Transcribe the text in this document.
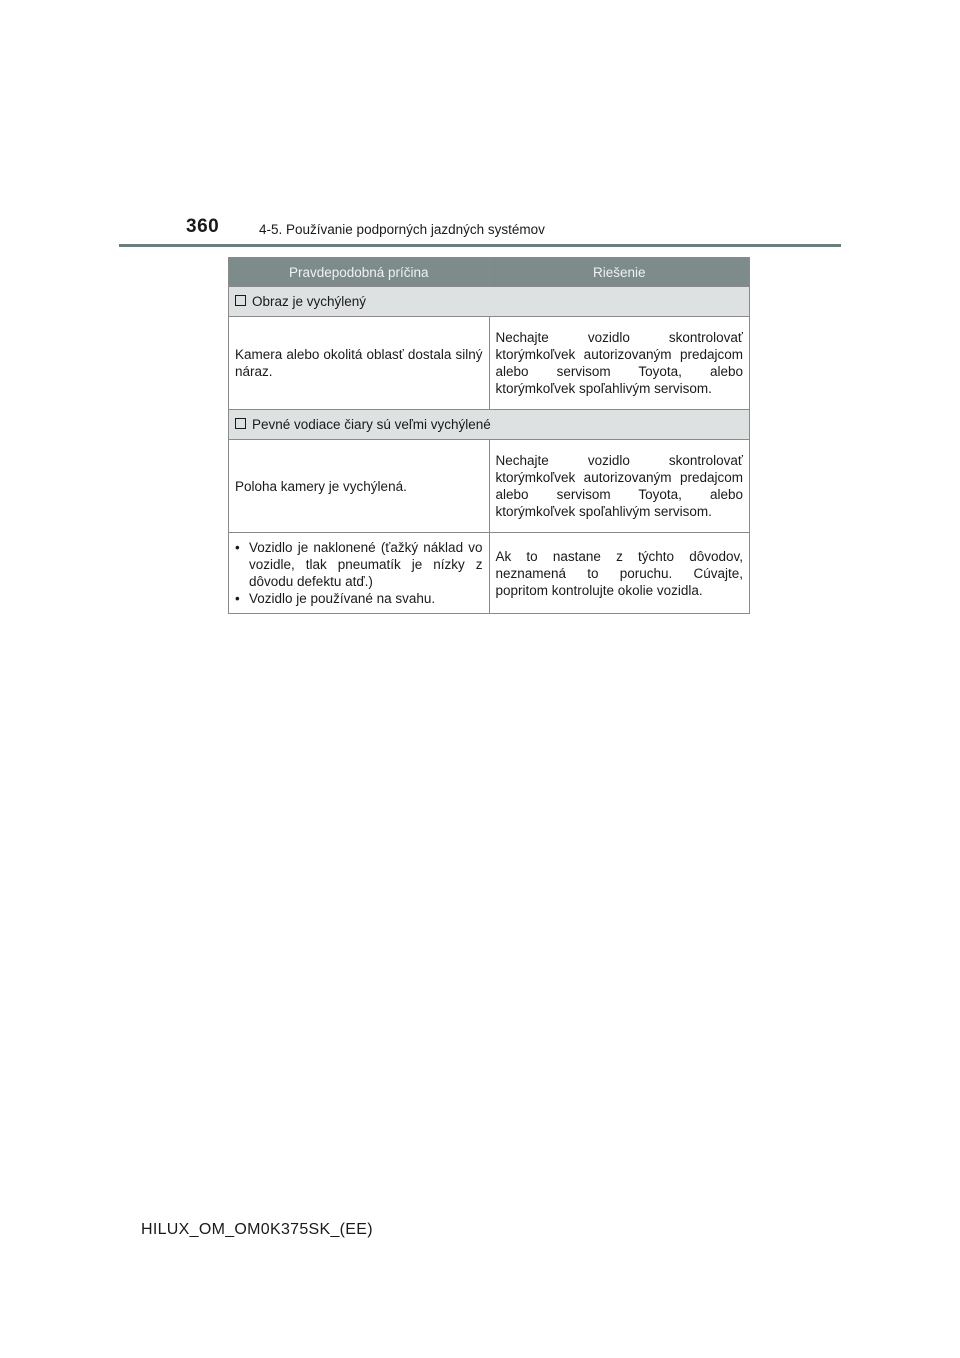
360	4-5. Používanie podporných jazdných systémov
Pravdepodobná príčina	Riešenie
Obraz je vychýlený	
Kamera alebo okolitá oblasť dostala silný náraz.	Nechajte vozidlo skontrolovať ktorýmkoľvek autorizovaným predajcom alebo servisom Toyota, alebo ktorýmkoľvek spoľahlivým servisom.
Pevné vodiace čiary sú veľmi vychýlené	
Poloha kamery je vychýlená.	Nechajte vozidlo skontrolovať ktorýmkoľvek autorizovaným predajcom alebo servisom Toyota, alebo ktorýmkoľvek spoľahlivým servisom.

• Vozidlo je naklonené (ťažký náklad vo vozidle, tlak pneumatík je nízky z dôvodu defektu atď.)
• Vozidlo je používané na svahu.	Ak to nastane z týchto dôvodov, neznamená to poruchu. Cúvajte, popritom kontrolujte okolie vozidla.
HILUX_OM_OM0K375SK_(EE)
